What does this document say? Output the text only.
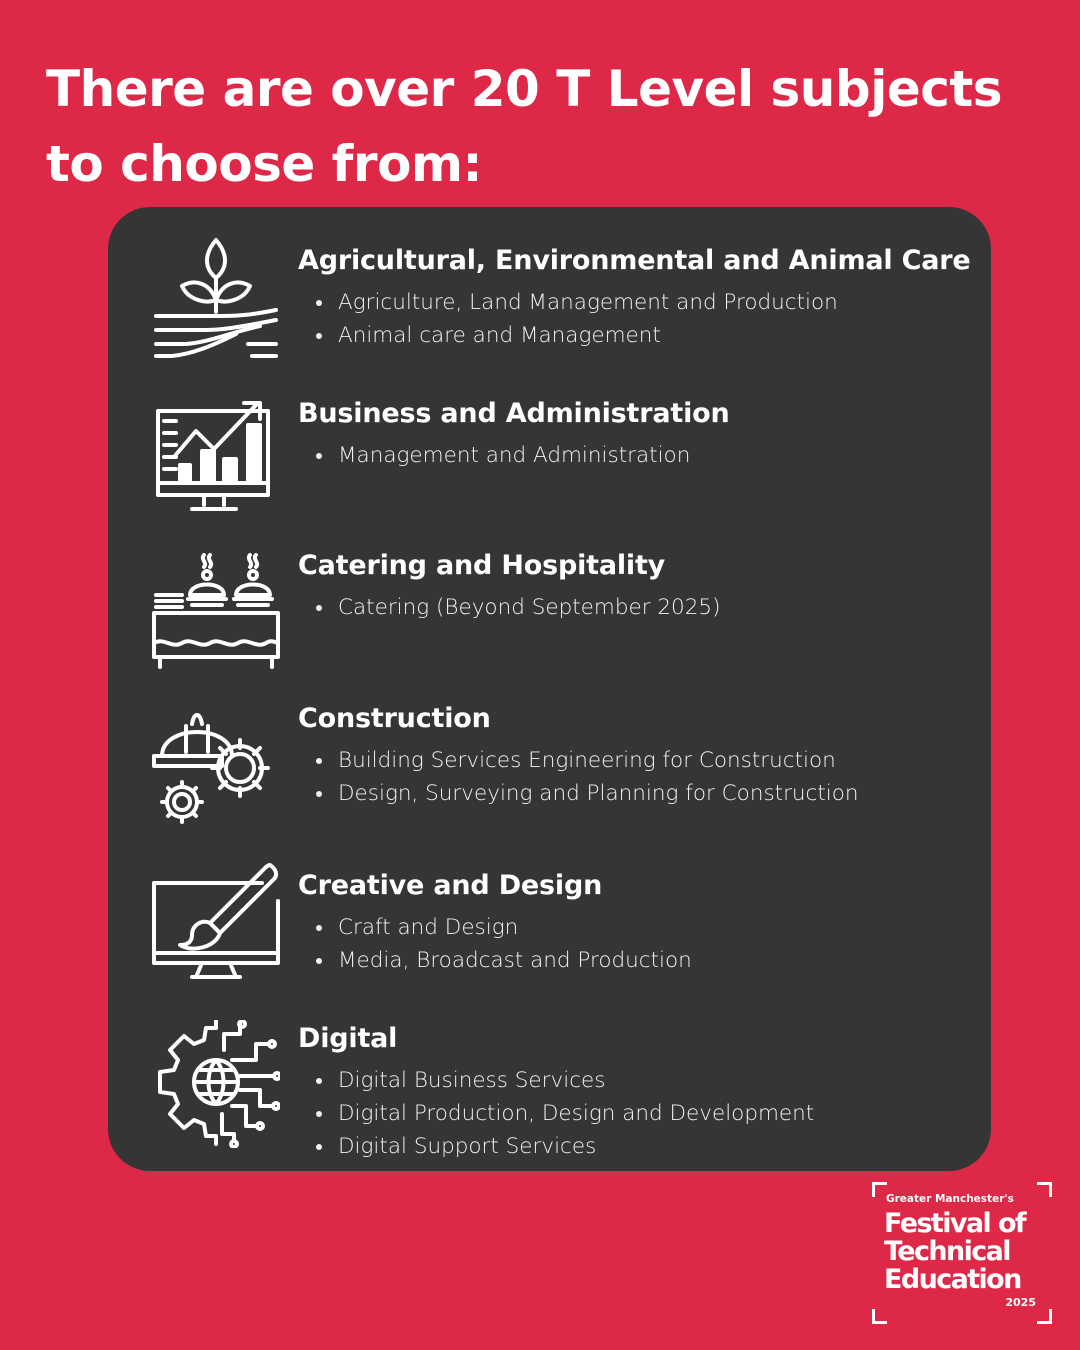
There are over 20 T Level subjects to choose from:
Agricultural, Environmental and Animal Care
Agriculture, Land Management and Production
Animal care and Management
Business and Administration
Management and Administration
Catering and Hospitality
Catering (Beyond September 2025)
Construction
Building Services Engineering for Construction
Design, Surveying and Planning for Construction
Creative and Design
Craft and Design
Media, Broadcast and Production
Digital
Digital Business Services
Digital Production, Design and Development
Digital Support Services
Greater Manchester's
Festival of
Technical
Education
2025
